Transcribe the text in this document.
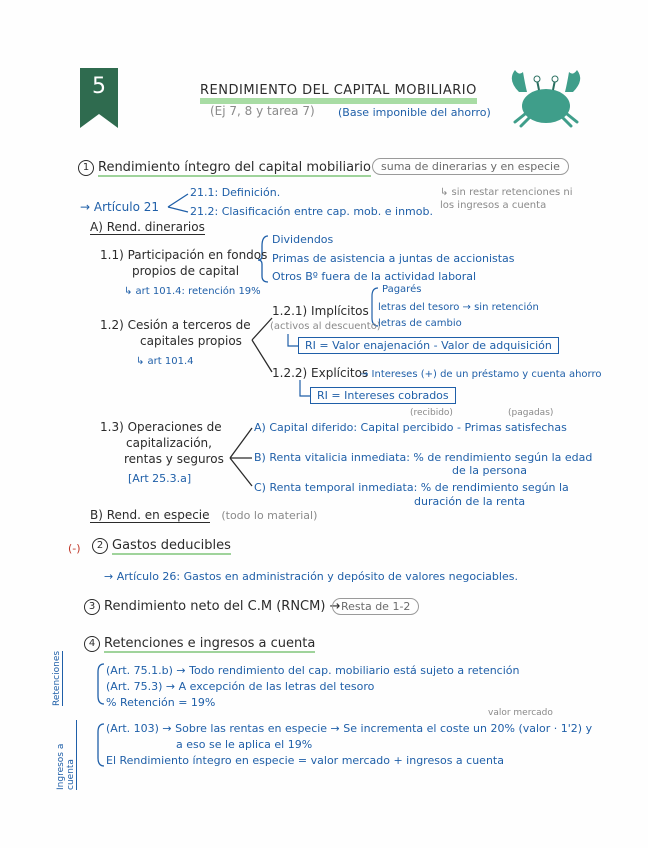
5	RENDIMIENTO DEL CAPITAL MOBILIARIO
(Ej 7, 8 y tarea 7) (Base imponible del ahorro)
1 Rendimiento íntegro del capital mobiliario suma de dinerarias y en especie
↳ sin restar retenciones ni los ingresos a cuenta
→ Artículo 21
21.1: Definición.
21.2: Clasificación entre cap. mob. e inmob.
A) Rend. dinerarios
1.1) Participación en fondos
propios de capital
↳ art 101.4: retención 19%
Dividendos
Primas de asistencia a juntas de accionistas
Otros Bº fuera de la actividad laboral
1.2) Cesión a terceros de
capitales propios
↳ art 101.4
1.2.1) Implícitos
(activos al descuento)
Pagarés
letras del tesoro → sin retención
letras de cambio
RI = Valor enajenación - Valor de adquisición
1.2.2) Explícitos
→ Intereses (+) de un préstamo y cuenta ahorro
RI = Intereses cobrados
1.3) Operaciones de
capitalización,
rentas y seguros
[Art 25.3.a]
(recibido)	(pagadas)
A) Capital diferido: Capital percibido - Primas satisfechas
B) Renta vitalicia inmediata: % de rendimiento según la edad
de la persona
C) Renta temporal inmediata: % de rendimiento según la
duración de la renta
B) Rend. en especie (todo lo material)
(-)	2 Gastos deducibles
→ Artículo 26: Gastos en administración y depósito de valores negociables.
3 Rendimiento neto del C.M (RNCM) → Resta de 1-2
4 Retenciones e ingresos a cuenta
Retenciones	(Art. 75.1.b) → Todo rendimiento del cap. mobiliario está sujeto a retención
(Art. 75.3) → A excepción de las letras del tesoro
% Retención = 19%
Ingresos a cuenta
valor mercado
(Art. 103) → Sobre las rentas en especie → Se incrementa el coste un 20% (valor · 1'2) y
a eso se le aplica el 19%
El Rendimiento íntegro en especie = valor mercado + ingresos a cuenta
